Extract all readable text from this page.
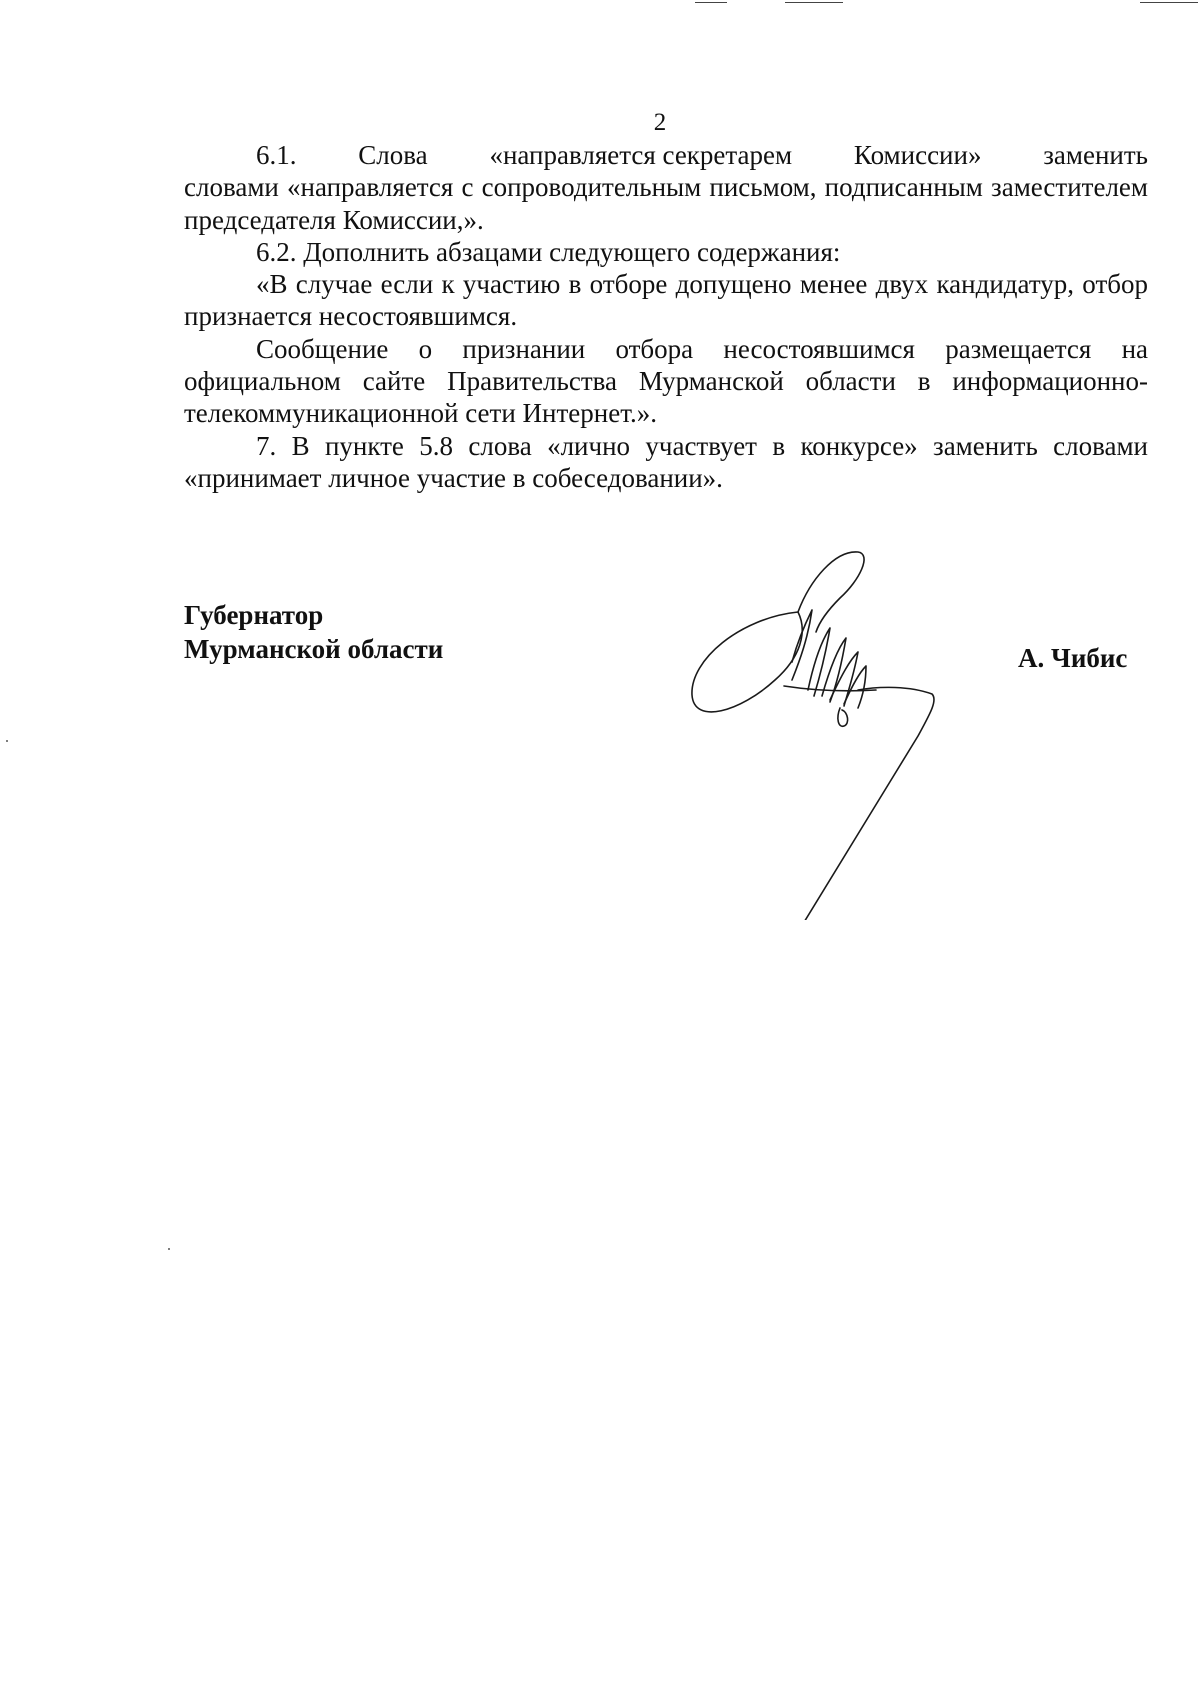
2
6.1. Слова «направляется секретарем Комиссии» заменить

словами «направляется с сопроводительным письмом, подписанным заместителем председателя Комиссии,».

6.2. Дополнить абзацами следующего содержания:

«В случае если к участию в отборе допущено менее двух кандидатур, отбор признается несостоявшимся.

Сообщение о признании отбора несостоявшимся размещается на официальном сайте Правительства Мурманской области в информационно-телекоммуникационной сети Интернет.».

7. В пункте 5.8 слова «лично участвует в конкурсе» заменить словами «принимает личное участие в собеседовании».

Губернатор
Мурманской области	А. Чибис
